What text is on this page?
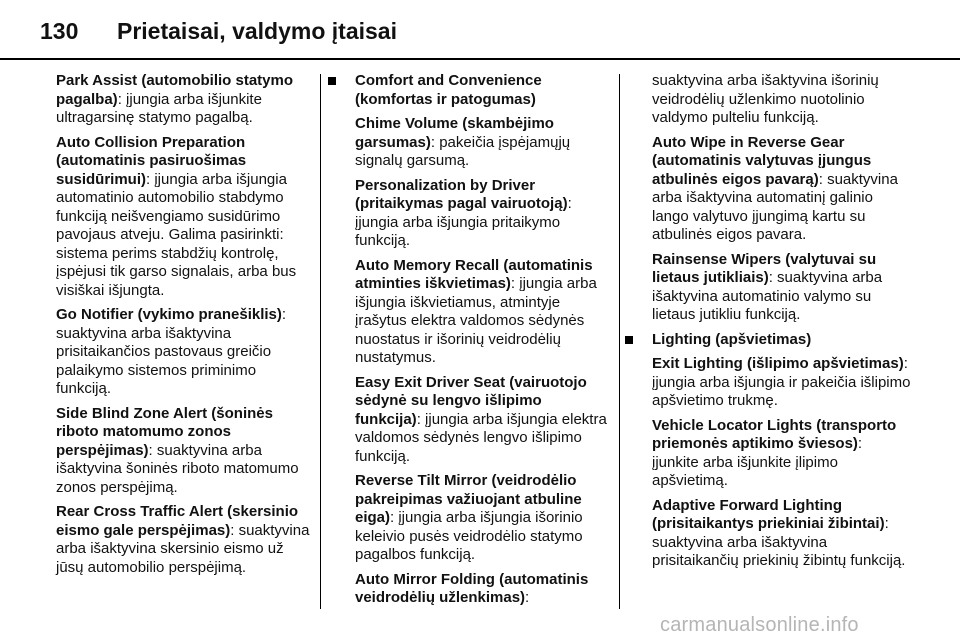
130 Prietaisai, valdymo įtaisai

Park Assist (automobilio statymo pagalba): įjungia arba išjunkite ultragarsinę statymo pagalbą.

Auto Collision Preparation (automatinis pasiruošimas susidūrimui): įjungia arba išjungia automatinio automobilio stabdymo funkciją neišvengiamo susidūrimo pavojaus atveju. Galima pasirinkti: sistema perims stabdžių kontrolę, įspėjusi tik garso signalais, arba bus visiškai išjungta.

Go Notifier (vykimo pranešiklis): suaktyvina arba išaktyvina prisitaikančios pastovaus greičio palaikymo sistemos priminimo funkciją.

Side Blind Zone Alert (šoninės riboto matomumo zonos perspėjimas): suaktyvina arba išaktyvina šoninės riboto matomumo zonos perspėjimą.

Rear Cross Traffic Alert (skersinio eismo gale perspėjimas): suaktyvina arba išaktyvina skersinio eismo už jūsų automobilio perspėjimą.

Comfort and Convenience (komfortas ir patogumas)

Chime Volume (skambėjimo garsumas): pakeičia įspėjamųjų signalų garsumą.

Personalization by Driver (pritaikymas pagal vairuotoją): įjungia arba išjungia pritaikymo funkciją.

Auto Memory Recall (automatinis atminties iškvietimas): įjungia arba išjungia iškvietiamus, atmintyje įrašytus elektra valdomos sėdynės nuostatus ir išorinių veidrodėlių nustatymus.

Easy Exit Driver Seat (vairuotojo sėdynė su lengvo išlipimo funkcija): įjungia arba išjungia elektra valdomos sėdynės lengvo išlipimo funkciją.

Reverse Tilt Mirror (veidrodėlio pakreipimas važiuojant atbuline eiga): įjungia arba išjungia išorinio keleivio pusės veidrodėlio statymo pagalbos funkciją.

Auto Mirror Folding (automatinis veidrodėlių užlenkimas):

suaktyvina arba išaktyvina išorinių veidrodėlių užlenkimo nuotolinio valdymo pulteliu funkciją.

Auto Wipe in Reverse Gear (automatinis valytuvas įjungus atbulinės eigos pavarą): suaktyvina arba išaktyvina automatinį galinio lango valytuvo įjungimą kartu su atbulinės eigos pavara.

Rainsense Wipers (valytuvai su lietaus jutikliais): suaktyvina arba išaktyvina automatinio valymo su lietaus jutikliu funkciją.

Lighting (apšvietimas)

Exit Lighting (išlipimo apšvietimas): įjungia arba išjungia ir pakeičia išlipimo apšvietimo trukmę.

Vehicle Locator Lights (transporto priemonės aptikimo šviesos): įjunkite arba išjunkite įlipimo apšvietimą.

Adaptive Forward Lighting (prisitaikantys priekiniai žibintai): suaktyvina arba išaktyvina prisitaikančių priekinių žibintų funkciją.

carmanualsonline.info
